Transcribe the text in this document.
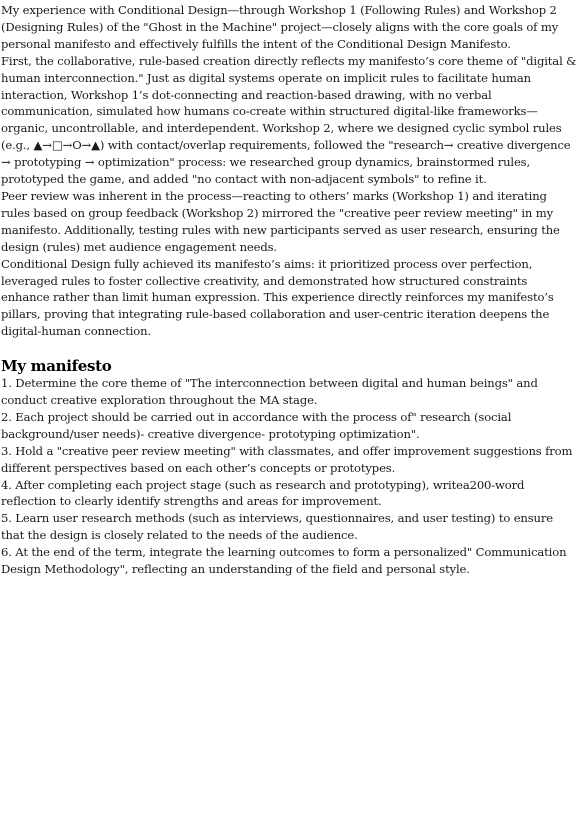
My experience with Conditional Design—through Workshop 1 (Following Rules) and Workshop 2 (Designing Rules) of the "Ghost in the Machine" project—closely aligns with the core goals of my personal manifesto and effectively fulfills the intent of the Conditional Design Manifesto.

First, the collaborative, rule-based creation directly reflects my manifesto’s core theme of "digital & human interconnection." Just as digital systems operate on implicit rules to facilitate human interaction, Workshop 1’s dot-connecting and reaction-based drawing, with no verbal communication, simulated how humans co-create within structured digital-like frameworks—organic, uncontrollable, and interdependent. Workshop 2, where we designed cyclic symbol rules (e.g., ▲→□→O→▲) with contact/overlap requirements, followed the "research→ creative divergence → prototyping → optimization" process: we researched group dynamics, brainstormed rules, prototyped the game, and added "no contact with non-adjacent symbols" to refine it.

Peer review was inherent in the process—reacting to others’ marks (Workshop 1) and iterating rules based on group feedback (Workshop 2) mirrored the "creative peer review meeting" in my manifesto. Additionally, testing rules with new participants served as user research, ensuring the design (rules) met audience engagement needs.

Conditional Design fully achieved its manifesto’s aims: it prioritized process over perfection, leveraged rules to foster collective creativity, and demonstrated how structured constraints enhance rather than limit human expression. This experience directly reinforces my manifesto’s pillars, proving that integrating rule-based collaboration and user-centric iteration deepens the digital-human connection.

My manifesto
1. Determine the core theme of "The interconnection between digital and human beings" and conduct creative exploration throughout the MA stage.
2. Each project should be carried out in accordance with the process of" research (social background/user needs)- creative divergence- prototyping optimization".
3. Hold a "creative peer review meeting" with classmates, and offer improvement suggestions from different perspectives based on each other’s concepts or prototypes.
4. After completing each project stage (such as research and prototyping), writea200-word reflection to clearly identify strengths and areas for improvement.
5. Learn user research methods (such as interviews, questionnaires, and user testing) to ensure that the design is closely related to the needs of the audience.
6. At the end of the term, integrate the learning outcomes to form a personalized" Communication Design Methodology", reflecting an understanding of the field and personal style.
